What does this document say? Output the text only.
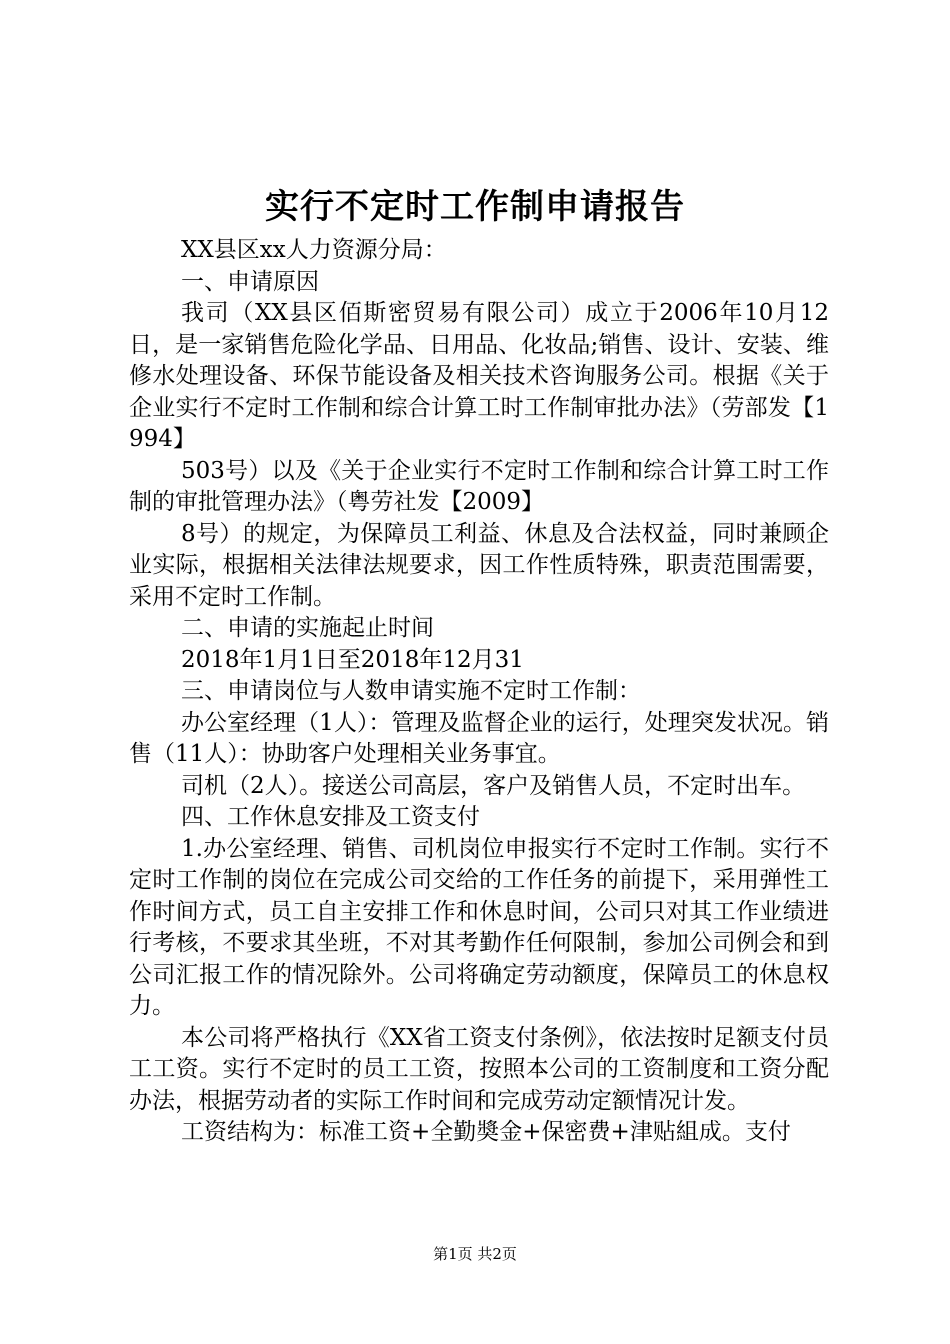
实行不定时工作制申请报告

XX县区xx人力资源分局：

一、申请原因

我司（XX县区佰斯密贸易有限公司）成立于2006年10月12日，是一家销售危险化学品、日用品、化妆品;销售、设计、安装、维修水处理设备、环保节能设备及相关技术咨询服务公司。根据《关于企业实行不定时工作制和综合计算工时工作制审批办法》（劳部发【1994】

503号）以及《关于企业实行不定时工作制和综合计算工时工作制的审批管理办法》（粤劳社发【2009】

8号）的规定，为保障员工利益、休息及合法权益，同时兼顾企业实际，根据相关法律法规要求，因工作性质特殊，职责范围需要，采用不定时工作制。

二、申请的实施起止时间

2018年1月1日至2018年12月31

三、申请岗位与人数申请实施不定时工作制：

办公室经理（1人）：管理及监督企业的运行，处理突发状况。销售（11人）：协助客户处理相关业务事宜。

司机（2人）。接送公司高层，客户及销售人员，不定时出车。

四、工作休息安排及工资支付

1.办公室经理、销售、司机岗位申报实行不定时工作制。实行不定时工作制的岗位在完成公司交给的工作任务的前提下，采用弹性工作时间方式，员工自主安排工作和休息时间，公司只对其工作业绩进行考核，不要求其坐班，不对其考勤作任何限制，参加公司例会和到公司汇报工作的情况除外。公司将确定劳动额度，保障员工的休息权力。

本公司将严格执行《XX省工资支付条例》，依法按时足额支付员工工资。实行不定时的员工工资，按照本公司的工资制度和工资分配办法，根据劳动者的实际工作时间和完成劳动定额情况计发。

工资结构为：标准工资+全勤奬金+保密费+津贴組成。支付

第1页 共2页
